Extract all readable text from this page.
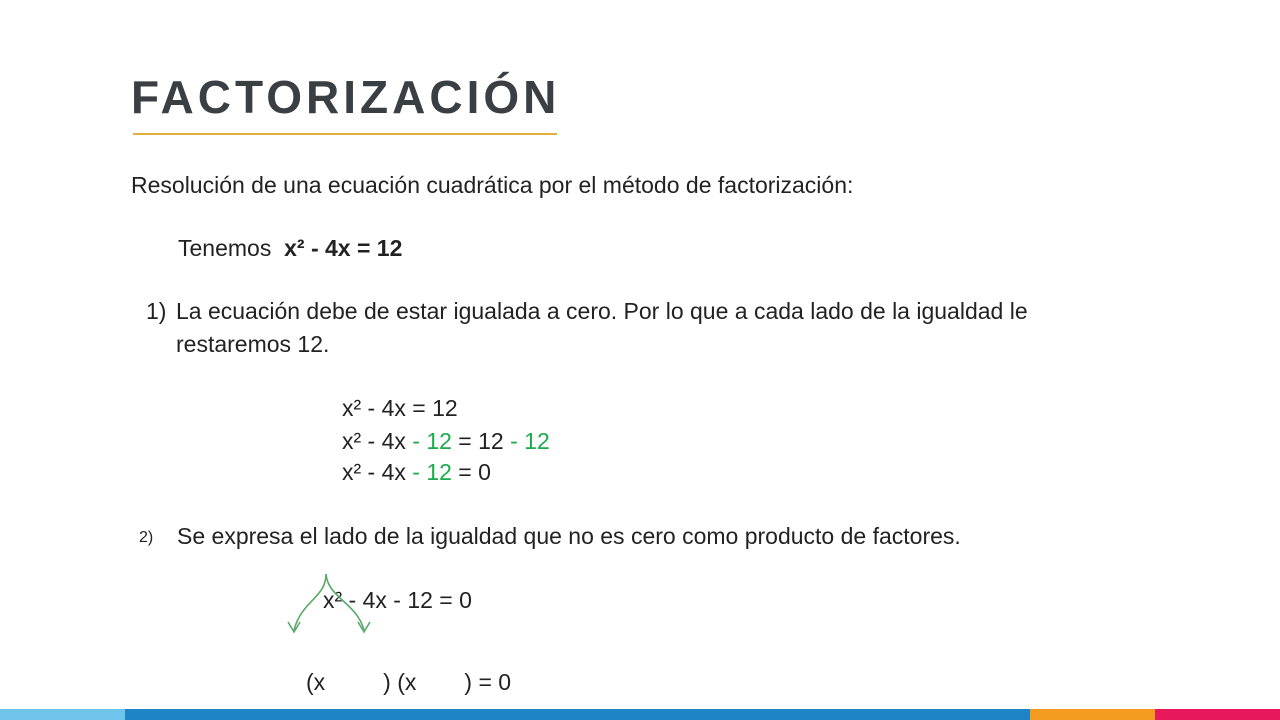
FACTORIZACIÓN

Resolución de una ecuación cuadrática por el método de factorización:

Tenemos x² - 4x = 12

1) La ecuación debe de estar igualada a cero. Por lo que a cada lado de la igualdad le

restaremos 12.

x² - 4x = 12

x² - 4x - 12 = 12 - 12

x² - 4x - 12 = 0

2) Se expresa el lado de la igualdad que no es cero como producto de factores.

x² - 4x - 12 = 0

(x	) (x ) = 0
